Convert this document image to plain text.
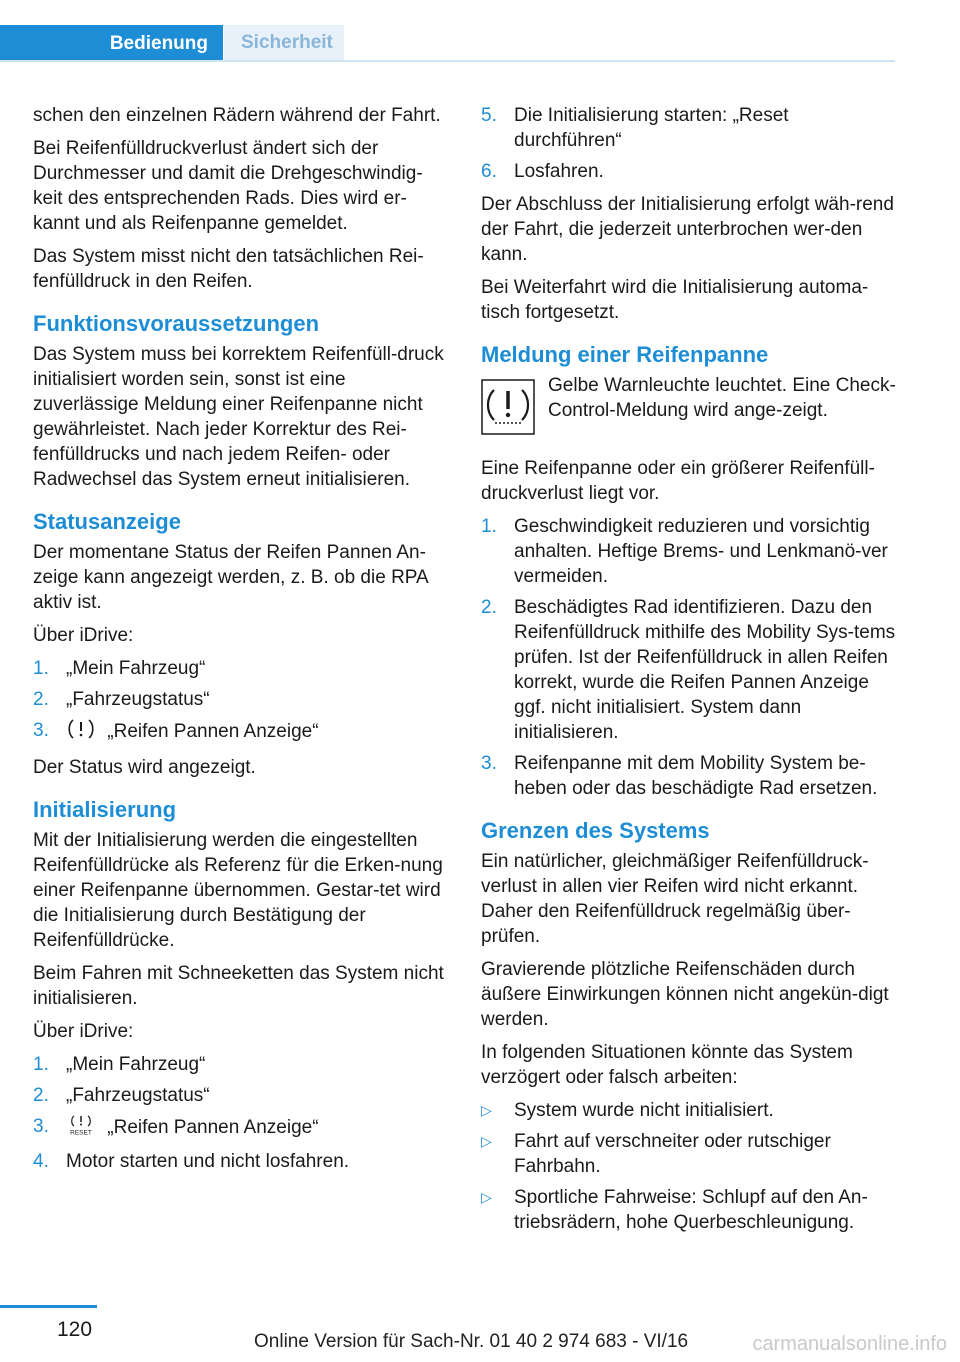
Bedienung	Sicherheit

schen den einzelnen Rädern während der Fahrt.

Bei Reifenfülldruckverlust ändert sich der Durchmesser und damit die Drehgeschwindig-keit des entsprechenden Rads. Dies wird er-kannt und als Reifenpanne gemeldet.

Das System misst nicht den tatsächlichen Rei-fenfülldruck in den Reifen.

Funktionsvoraussetzungen

Das System muss bei korrektem Reifenfüll-druck initialisiert worden sein, sonst ist eine zuverlässige Meldung einer Reifenpanne nicht gewährleistet. Nach jeder Korrektur des Rei-fenfülldrucks und nach jedem Reifen- oder Radwechsel das System erneut initialisieren.

Statusanzeige

Der momentane Status der Reifen Pannen An-zeige kann angezeigt werden, z. B. ob die RPA aktiv ist.

Über iDrive:

1. „Mein Fahrzeug“
2. „Fahrzeugstatus“
3.	„Reifen Pannen Anzeige“

Der Status wird angezeigt.

Initialisierung

Mit der Initialisierung werden die eingestellten Reifenfülldrücke als Referenz für die Erken-nung einer Reifenpanne übernommen. Gestar-tet wird die Initialisierung durch Bestätigung der Reifenfülldrücke.

Beim Fahren mit Schneeketten das System nicht initialisieren.

Über iDrive:

1. „Mein Fahrzeug“
2. „Fahrzeugstatus“
3.	RESET „Reifen Pannen Anzeige“
4. Motor starten und nicht losfahren.
5. Die Initialisierung starten: „Reset durchführen“
6. Losfahren.

Der Abschluss der Initialisierung erfolgt wäh-rend der Fahrt, die jederzeit unterbrochen wer-den kann.

Bei Weiterfahrt wird die Initialisierung automa-tisch fortgesetzt.

Meldung einer Reifenpanne
Gelbe Warnleuchte leuchtet. Eine Check-Control-Meldung wird ange-zeigt.

Eine Reifenpanne oder ein größerer Reifenfüll-druckverlust liegt vor.

1. Geschwindigkeit reduzieren und vorsichtig anhalten. Heftige Brems- und Lenkmanö-ver vermeiden.
2. Beschädigtes Rad identifizieren. Dazu den Reifenfülldruck mithilfe des Mobility Sys-tems prüfen. Ist der Reifenfülldruck in allen Reifen korrekt, wurde die Reifen Pannen Anzeige ggf. nicht initialisiert. System dann initialisieren.
3. Reifenpanne mit dem Mobility System be-heben oder das beschädigte Rad ersetzen.
Grenzen des Systems

Ein natürlicher, gleichmäßiger Reifenfülldruck-verlust in allen vier Reifen wird nicht erkannt. Daher den Reifenfülldruck regelmäßig über-prüfen.

Gravierende plötzliche Reifenschäden durch äußere Einwirkungen können nicht angekün-digt werden.

In folgenden Situationen könnte das System verzögert oder falsch arbeiten:

▷ System wurde nicht initialisiert.
▷ Fahrt auf verschneiter oder rutschiger Fahrbahn.
▷ Sportliche Fahrweise: Schlupf auf den An-triebsrädern, hohe Querbeschleunigung.
120
Online Version für Sach-Nr. 01 40 2 974 683 - VI/16	carmanualsonline.info
